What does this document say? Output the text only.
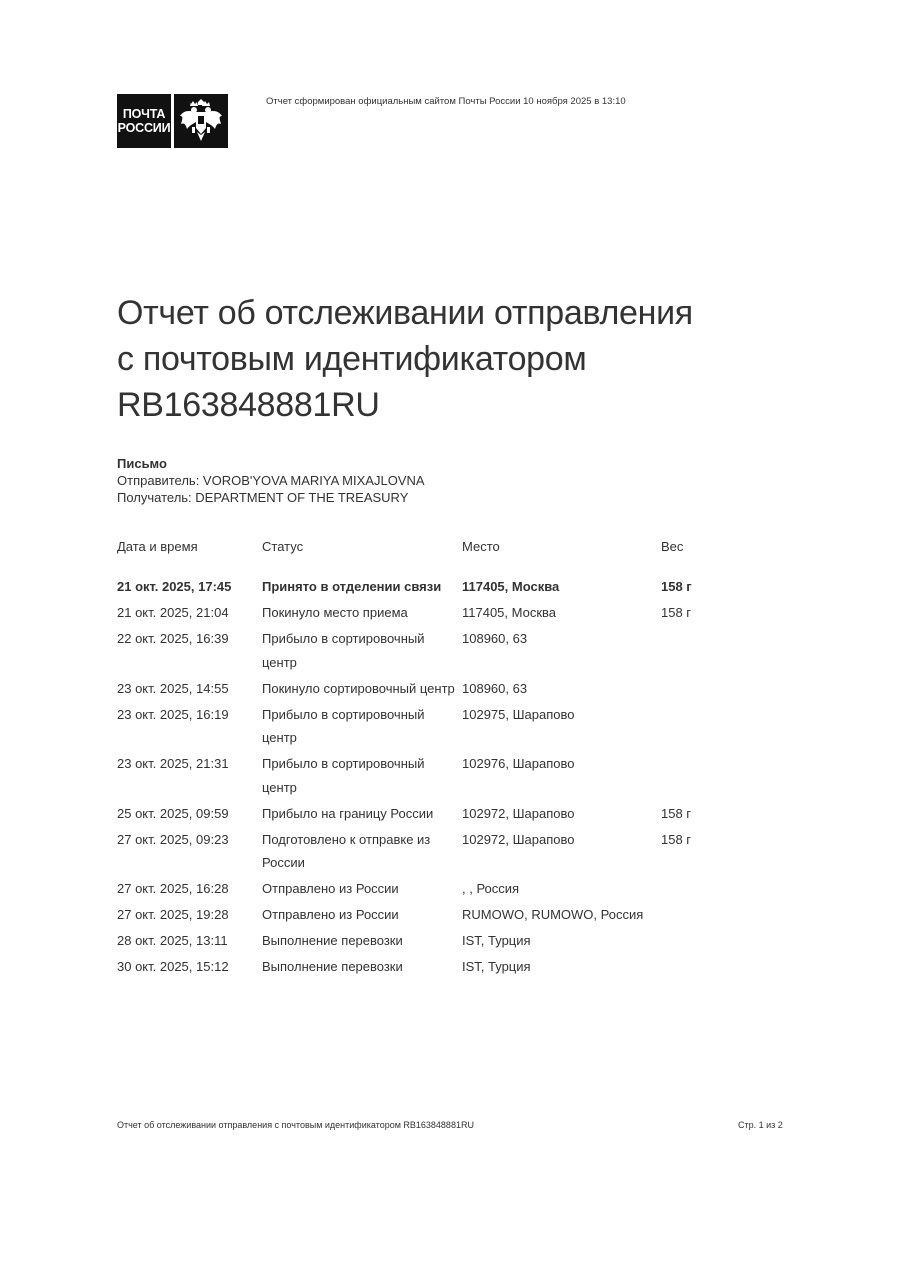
ПОЧТА
РОССИИ
Отчет сформирован официальным сайтом Почты России 10 ноября 2025 в 13:10
Отчет об отслеживании отправления
с почтовым идентификатором
RB163848881RU
Письмо
Отправитель: VOROB'YOVA MARIYA MIXAJLOVNA
Получатель: DEPARTMENT OF THE TREASURY
Дата и время	Статус	Место	Вес
21 окт. 2025, 17:45	Принято в отделении связи	117405, Москва	158 г
21 окт. 2025, 21:04	Покинуло место приема	117405, Москва	158 г
22 окт. 2025, 16:39	Прибыло в сортировочный центр	108960, 63	
23 окт. 2025, 14:55	Покинуло сортировочный центр	108960, 63	
23 окт. 2025, 16:19	Прибыло в сортировочный центр	102975, Шарапово	
23 окт. 2025, 21:31	Прибыло в сортировочный центр	102976, Шарапово	
25 окт. 2025, 09:59	Прибыло на границу России	102972, Шарапово	158 г
27 окт. 2025, 09:23	Подготовлено к отправке из России	102972, Шарапово	158 г
27 окт. 2025, 16:28	Отправлено из России	, , Россия	
27 окт. 2025, 19:28	Отправлено из России	RUMOWO, RUMOWO, Россия	
28 окт. 2025, 13:11	Выполнение перевозки	IST, Турция	
30 окт. 2025, 15:12	Выполнение перевозки	IST, Турция	
Отчет об отслеживании отправления с почтовым идентификатором RB163848881RU	Стр. 1 из 2
